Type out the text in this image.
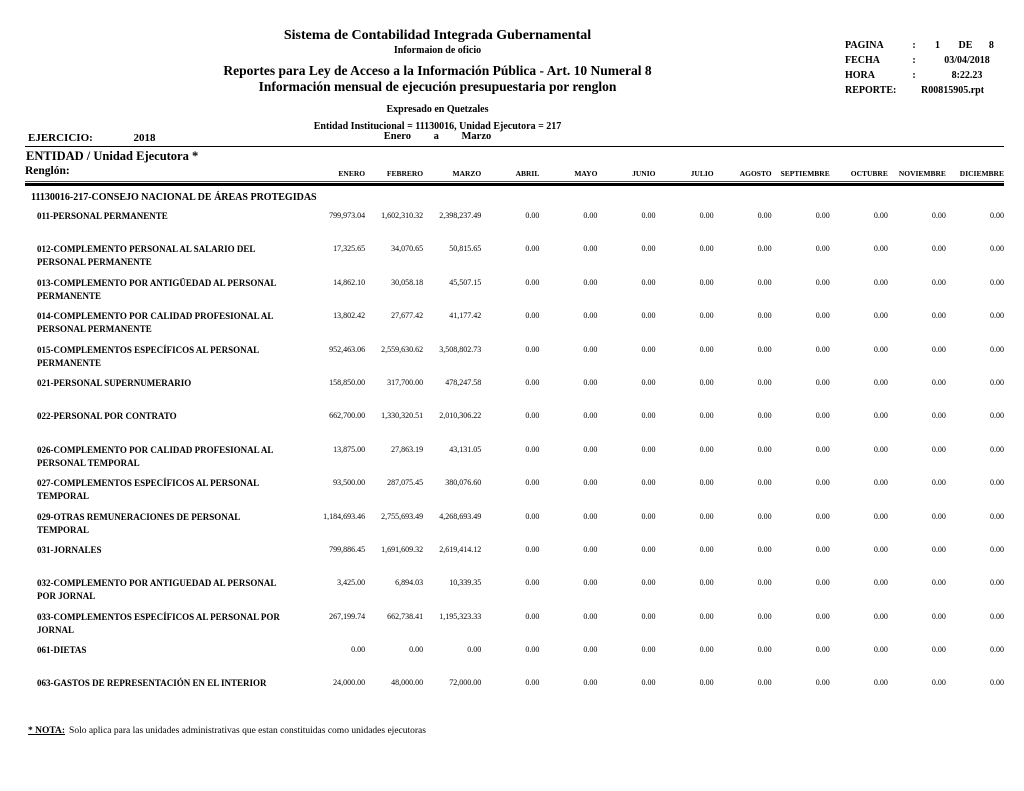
Sistema de Contabilidad Integrada Gubernamental
Informaion de oficio
Reportes para Ley de Acceso a la Información Pública - Art. 10 Numeral 8
Información mensual de ejecución presupuestaria por renglon
Expresado en Quetzales
Entidad Institucional = 11130016, Unidad Ejecutora = 217
PAGINA	:	1 DE 8
FECHA	:	03/04/2018
HORA	:	8:22.23
REPORTE:	R00815905.rpt
EJERCICIO:	2018	Enero a Marzo
ENTIDAD / Unidad Ejecutora *
Renglón:	ENERO	FEBRERO	MARZO	ABRIL	MAYO	JUNIO	JULIO	AGOSTO	SEPTIEMBRE	OCTUBRE	NOVIEMBRE	DICIEMBRE
11130016-217-CONSEJO NACIONAL DE ÁREAS PROTEGIDAS
011-PERSONAL PERMANENTE	799,973.04	1,602,310.32	2,398,237.49	0.00	0.00	0.00	0.00	0.00	0.00	0.00	0.00	0.00
012-COMPLEMENTO PERSONAL AL SALARIO DEL PERSONAL PERMANENTE
17,325.65	34,070.65	50,815.65	0.00	0.00	0.00	0.00	0.00	0.00	0.00	0.00	0.00
013-COMPLEMENTO POR ANTIGÜEDAD AL PERSONAL PERMANENTE
14,862.10	30,058.18	45,507.15	0.00	0.00	0.00	0.00	0.00	0.00	0.00	0.00	0.00
014-COMPLEMENTO POR CALIDAD PROFESIONAL AL PERSONAL PERMANENTE
13,802.42	27,677.42	41,177.42	0.00	0.00	0.00	0.00	0.00	0.00	0.00	0.00	0.00
015-COMPLEMENTOS ESPECÍFICOS AL PERSONAL PERMANENTE
952,463.06	2,559,630.62	3,508,802.73	0.00	0.00	0.00	0.00	0.00	0.00	0.00	0.00	0.00
021-PERSONAL SUPERNUMERARIO	158,850.00	317,700.00	478,247.58	0.00	0.00	0.00	0.00	0.00	0.00	0.00	0.00	0.00
022-PERSONAL POR CONTRATO	662,700.00	1,330,320.51	2,010,306.22	0.00	0.00	0.00	0.00	0.00	0.00	0.00	0.00	0.00
026-COMPLEMENTO POR CALIDAD PROFESIONAL AL PERSONAL TEMPORAL
13,875.00	27,863.19	43,131.05	0.00	0.00	0.00	0.00	0.00	0.00	0.00	0.00	0.00
027-COMPLEMENTOS ESPECÍFICOS AL PERSONAL TEMPORAL
93,500.00	287,075.45	380,076.60	0.00	0.00	0.00	0.00	0.00	0.00	0.00	0.00	0.00
029-OTRAS REMUNERACIONES DE PERSONAL TEMPORAL
1,184,693.46	2,755,693.49	4,268,693.49	0.00	0.00	0.00	0.00	0.00	0.00	0.00	0.00	0.00
031-JORNALES	799,886.45	1,691,609.32	2,619,414.12	0.00	0.00	0.00	0.00	0.00	0.00	0.00	0.00	0.00
032-COMPLEMENTO POR ANTIGUEDAD AL PERSONAL POR JORNAL
3,425.00	6,894.03	10,339.35	0.00	0.00	0.00	0.00	0.00	0.00	0.00	0.00	0.00
033-COMPLEMENTOS ESPECÍFICOS AL PERSONAL POR JORNAL
267,199.74	662,738.41	1,195,323.33	0.00	0.00	0.00	0.00	0.00	0.00	0.00	0.00	0.00
061-DIETAS	0.00	0.00	0.00	0.00	0.00	0.00	0.00	0.00	0.00	0.00	0.00	0.00
063-GASTOS DE REPRESENTACIÓN EN EL INTERIOR	24,000.00	48,000.00	72,000.00	0.00	0.00	0.00	0.00	0.00	0.00	0.00	0.00	0.00
* NOTA: Solo aplica para las unidades administrativas que estan constituidas como unidades ejecutoras
